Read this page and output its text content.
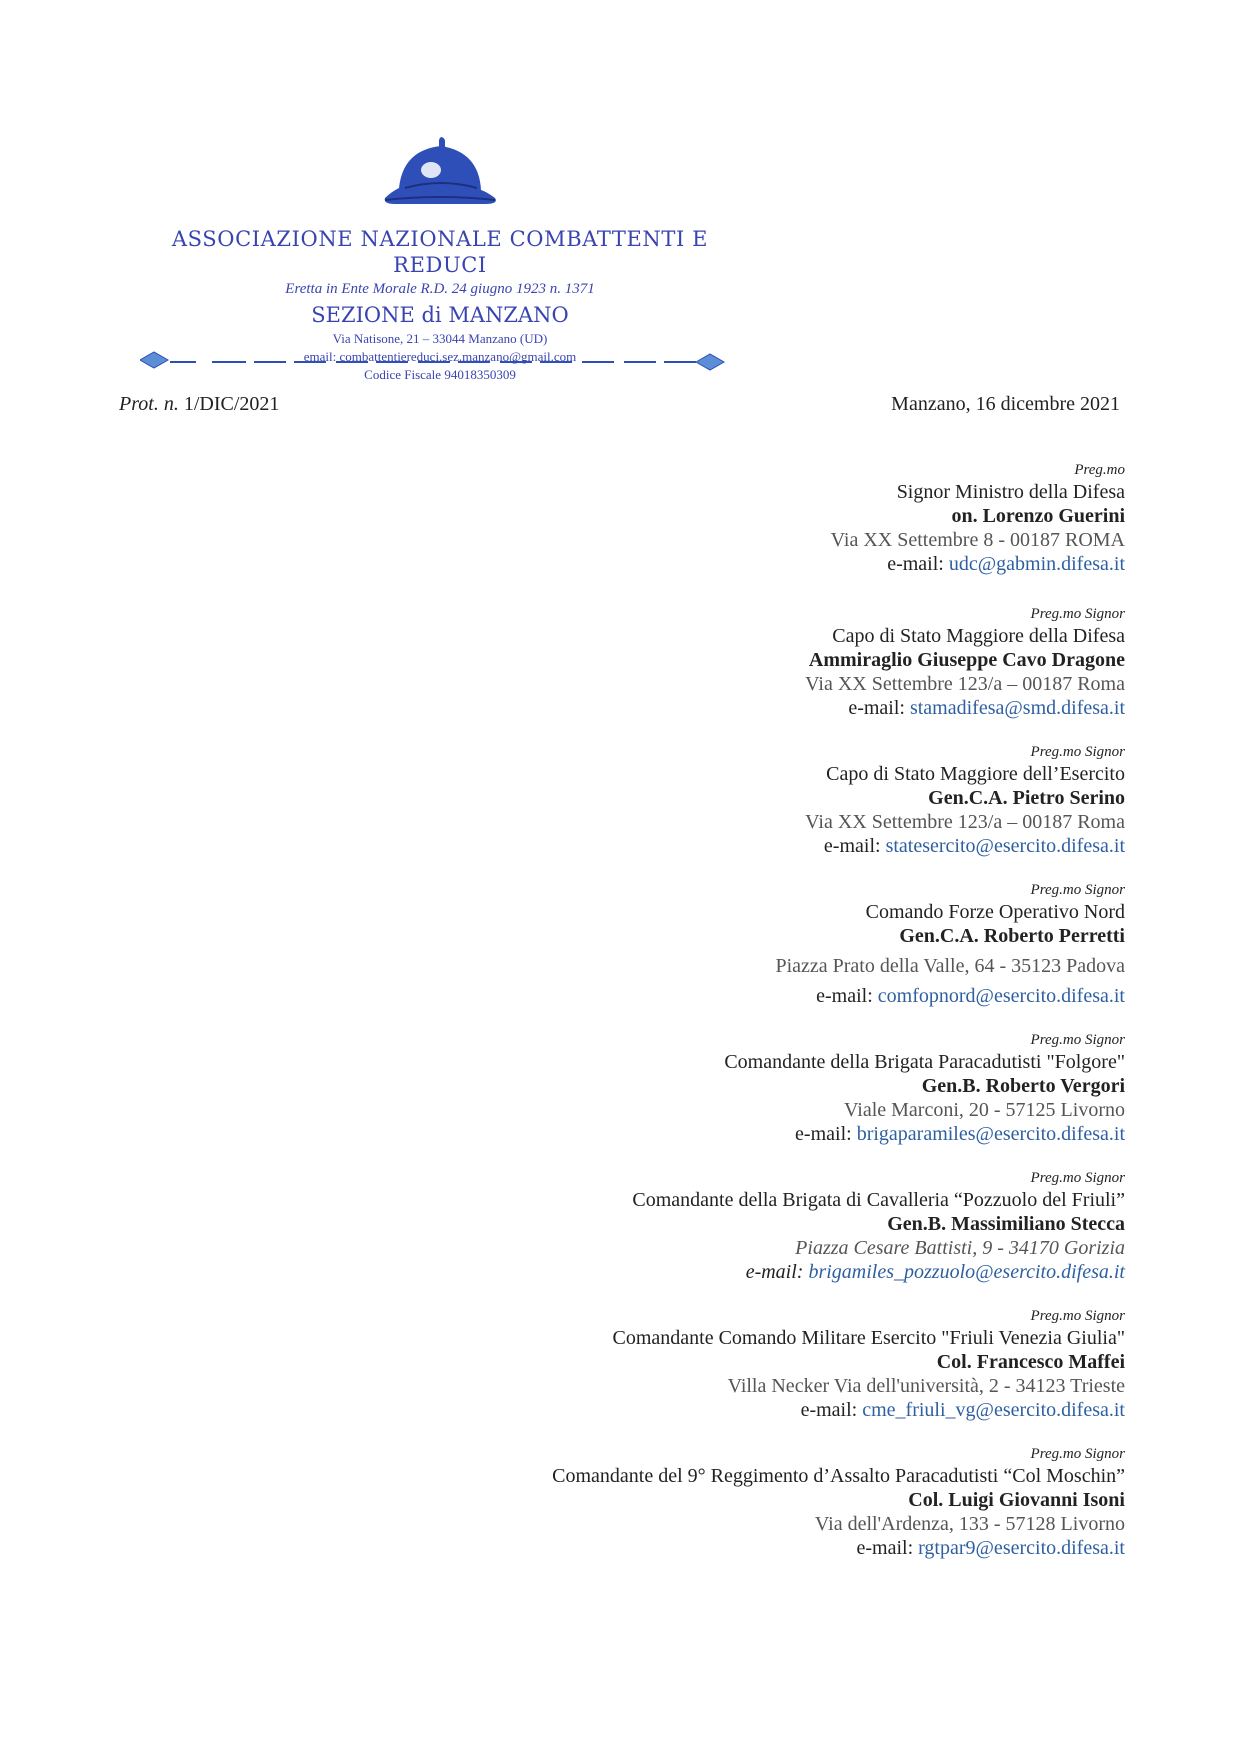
ASSOCIAZIONE NAZIONALE COMBATTENTI E REDUCI
Eretta in Ente Morale R.D. 24 giugno 1923 n. 1371
SEZIONE di MANZANO
Via Natisone, 21 – 33044 Manzano (UD)
email: combattentiereduci.sez.manzano@gmail.com
Codice Fiscale 94018350309
Prot. n. 1/DIC/2021	Manzano, 16 dicembre 2021
Preg.mo
Signor Ministro della Difesa
on. Lorenzo Guerini
Via XX Settembre 8 - 00187 ROMA
e-mail: udc@gabmin.difesa.it
Preg.mo Signor
Capo di Stato Maggiore della Difesa
Ammiraglio Giuseppe Cavo Dragone
Via XX Settembre 123/a – 00187 Roma
e-mail: stamadifesa@smd.difesa.it
Preg.mo Signor
Capo di Stato Maggiore dell’Esercito
Gen.C.A. Pietro Serino
Via XX Settembre 123/a – 00187 Roma
e-mail: statesercito@esercito.difesa.it
Preg.mo Signor
Comando Forze Operativo Nord
Gen.C.A. Roberto Perretti
Piazza Prato della Valle, 64 - 35123 Padova
e-mail: comfopnord@esercito.difesa.it
Preg.mo Signor
Comandante della Brigata Paracadutisti "Folgore"
Gen.B. Roberto Vergori
Viale Marconi, 20 - 57125 Livorno
e-mail: brigaparamiles@esercito.difesa.it
Preg.mo Signor
Comandante della Brigata di Cavalleria “Pozzuolo del Friuli”
Gen.B. Massimiliano Stecca
Piazza Cesare Battisti, 9 - 34170 Gorizia
e-mail: brigamiles_pozzuolo@esercito.difesa.it
Preg.mo Signor
Comandante Comando Militare Esercito "Friuli Venezia Giulia"
Col. Francesco Maffei
Villa Necker Via dell'università, 2 - 34123 Trieste
e-mail: cme_friuli_vg@esercito.difesa.it
Preg.mo Signor
Comandante del 9° Reggimento d’Assalto Paracadutisti “Col Moschin”
Col. Luigi Giovanni Isoni
Via dell'Ardenza, 133 - 57128 Livorno
e-mail: rgtpar9@esercito.difesa.it
